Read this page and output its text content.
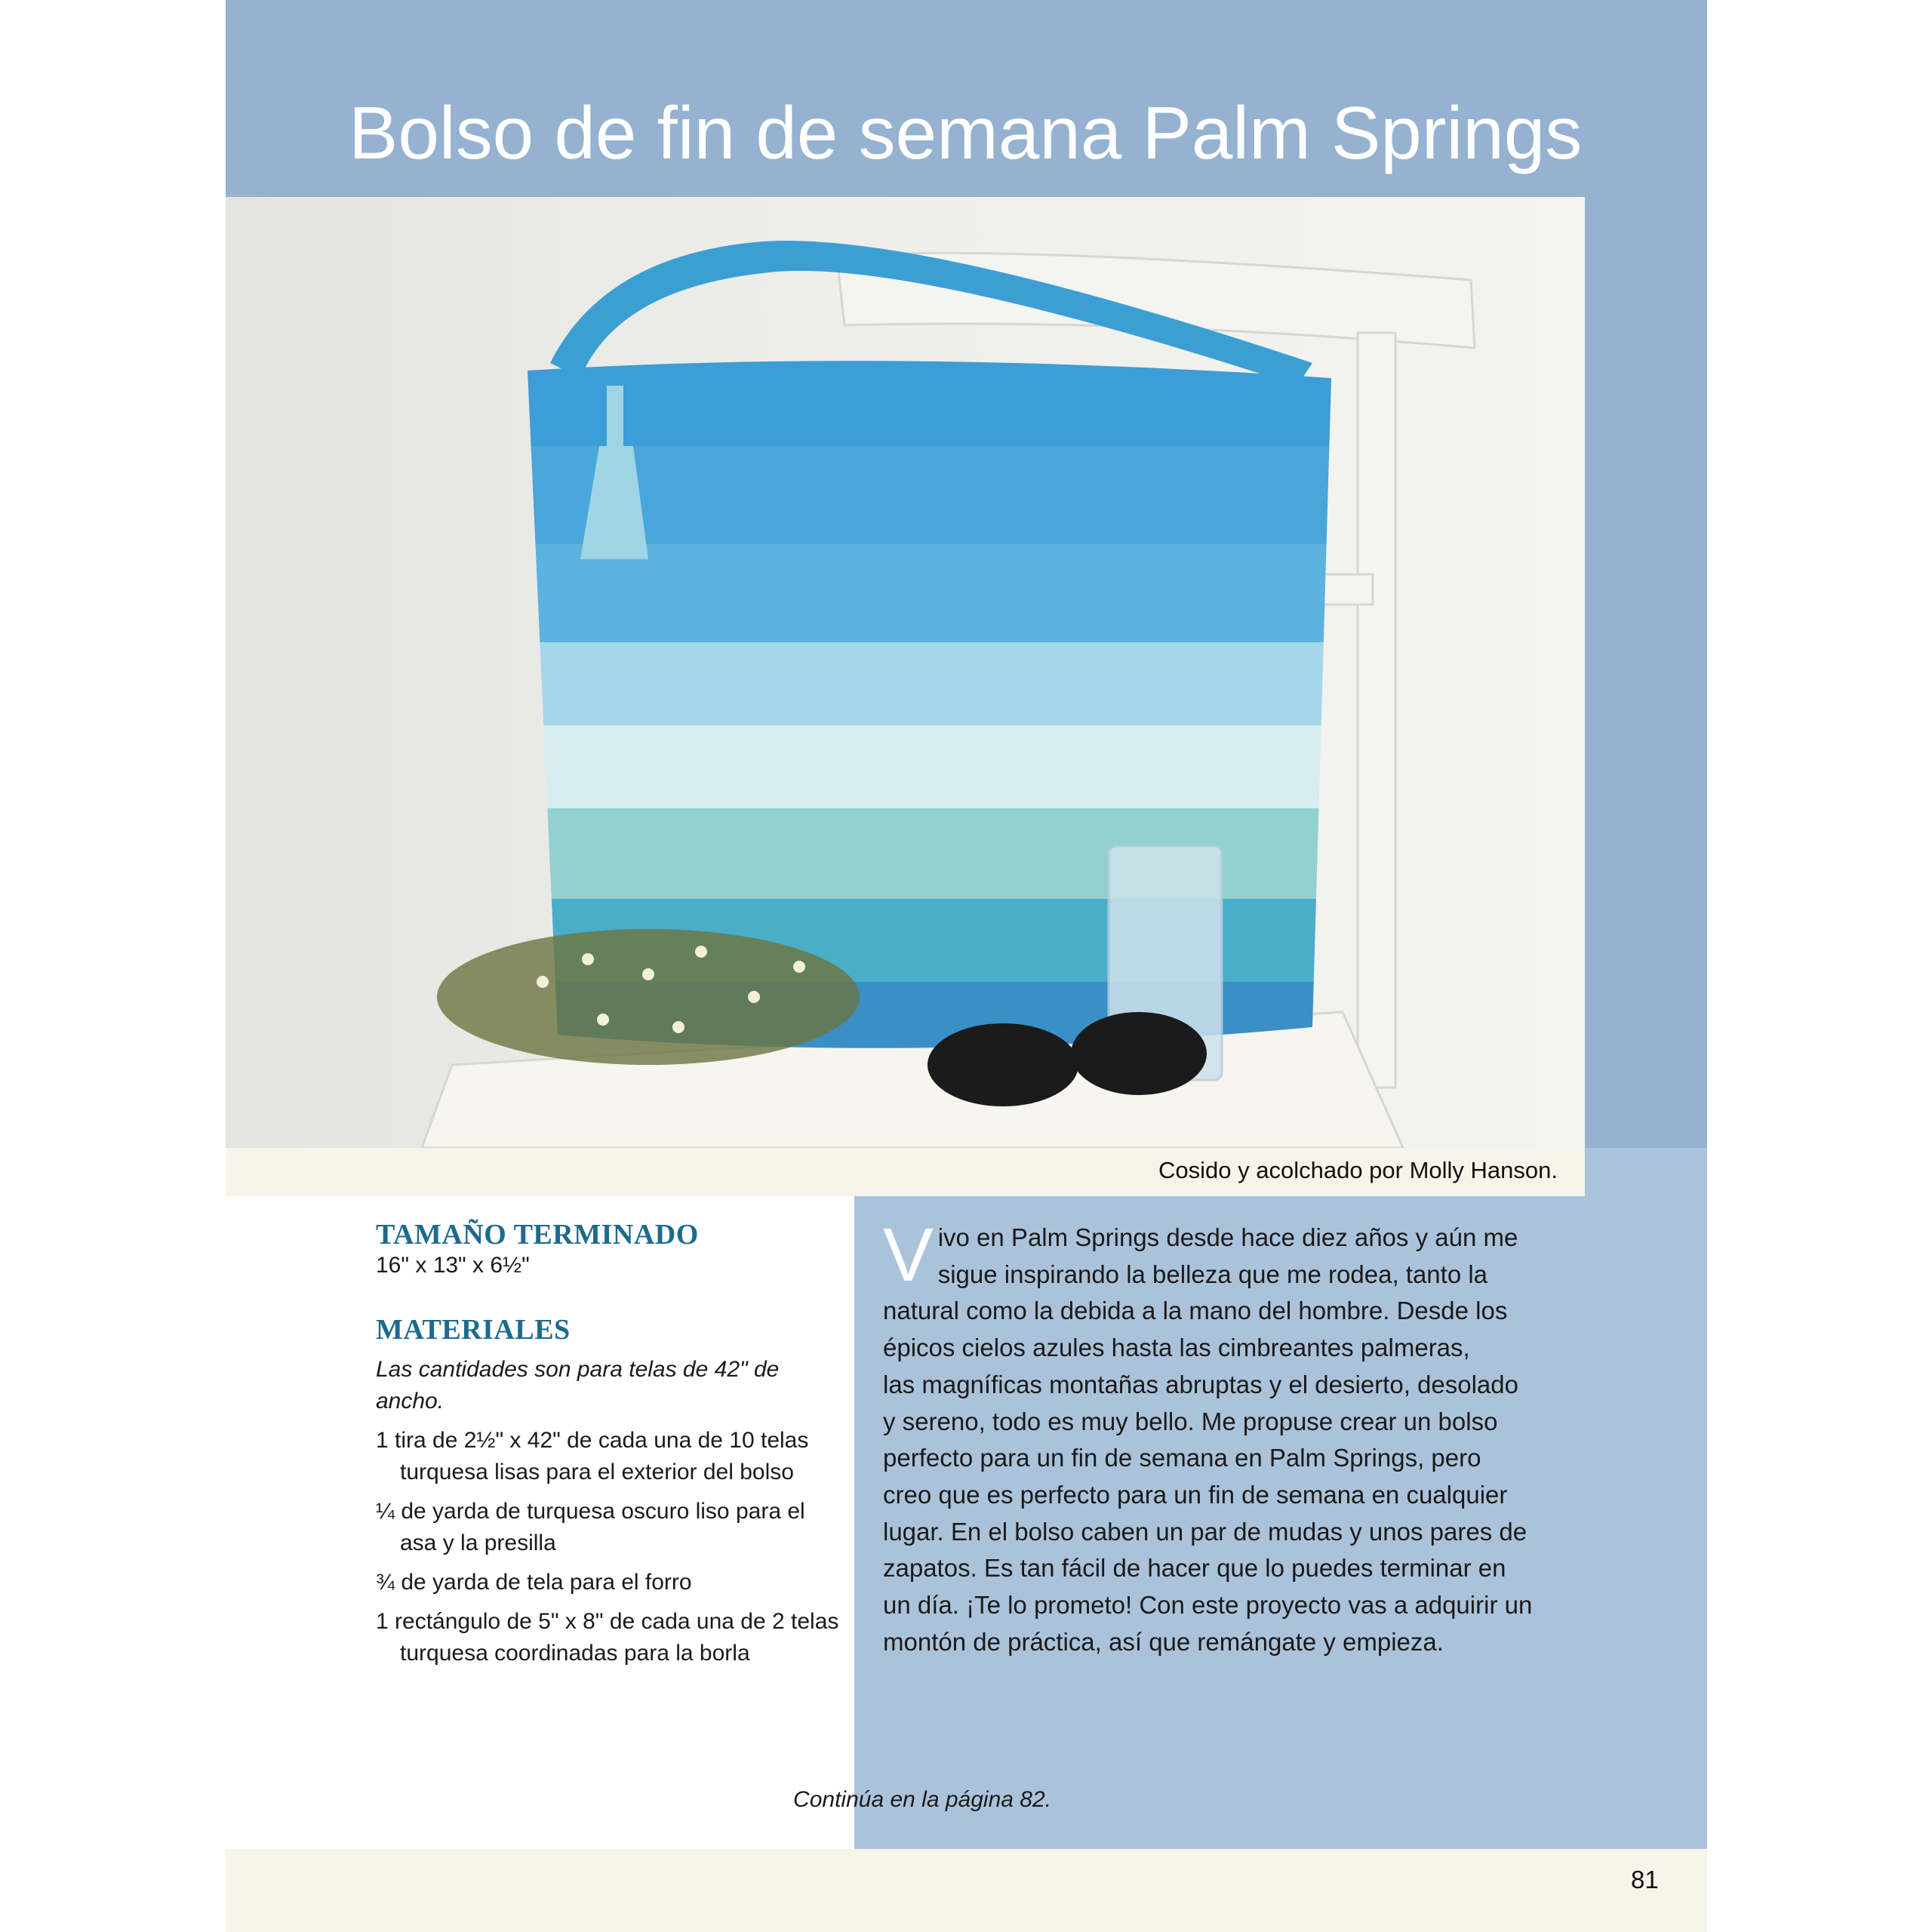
Bolso de fin de semana Palm Springs
Cosido y acolchado por Molly Hanson.
TAMAÑO TERMINADO
16" x 13" x 6½"
MATERIALES
Las cantidades son para telas de 42" de ancho.
1 tira de 2½" x 42" de cada una de 10 telas turquesa lisas para el exterior del bolso
¼ de yarda de turquesa oscuro liso para el asa y la presilla
¾ de yarda de tela para el forro
1 rectángulo de 5" x 8" de cada una de 2 telas turquesa coordinadas para la borla
Continúa en la página 82.
V ivo en Palm Springs desde hace diez años y aún me
sigue inspirando la belleza que me rodea, tanto la
natural como la debida a la mano del hombre. Desde los
épicos cielos azules hasta las cimbreantes palmeras,
las magníficas montañas abruptas y el desierto, desolado
y sereno, todo es muy bello. Me propuse crear un bolso
perfecto para un fin de semana en Palm Springs, pero
creo que es perfecto para un fin de semana en cualquier
lugar. En el bolso caben un par de mudas y unos pares de
zapatos. Es tan fácil de hacer que lo puedes terminar en
un día. ¡Te lo prometo! Con este proyecto vas a adquirir un
montón de práctica, así que remángate y empieza.
81
